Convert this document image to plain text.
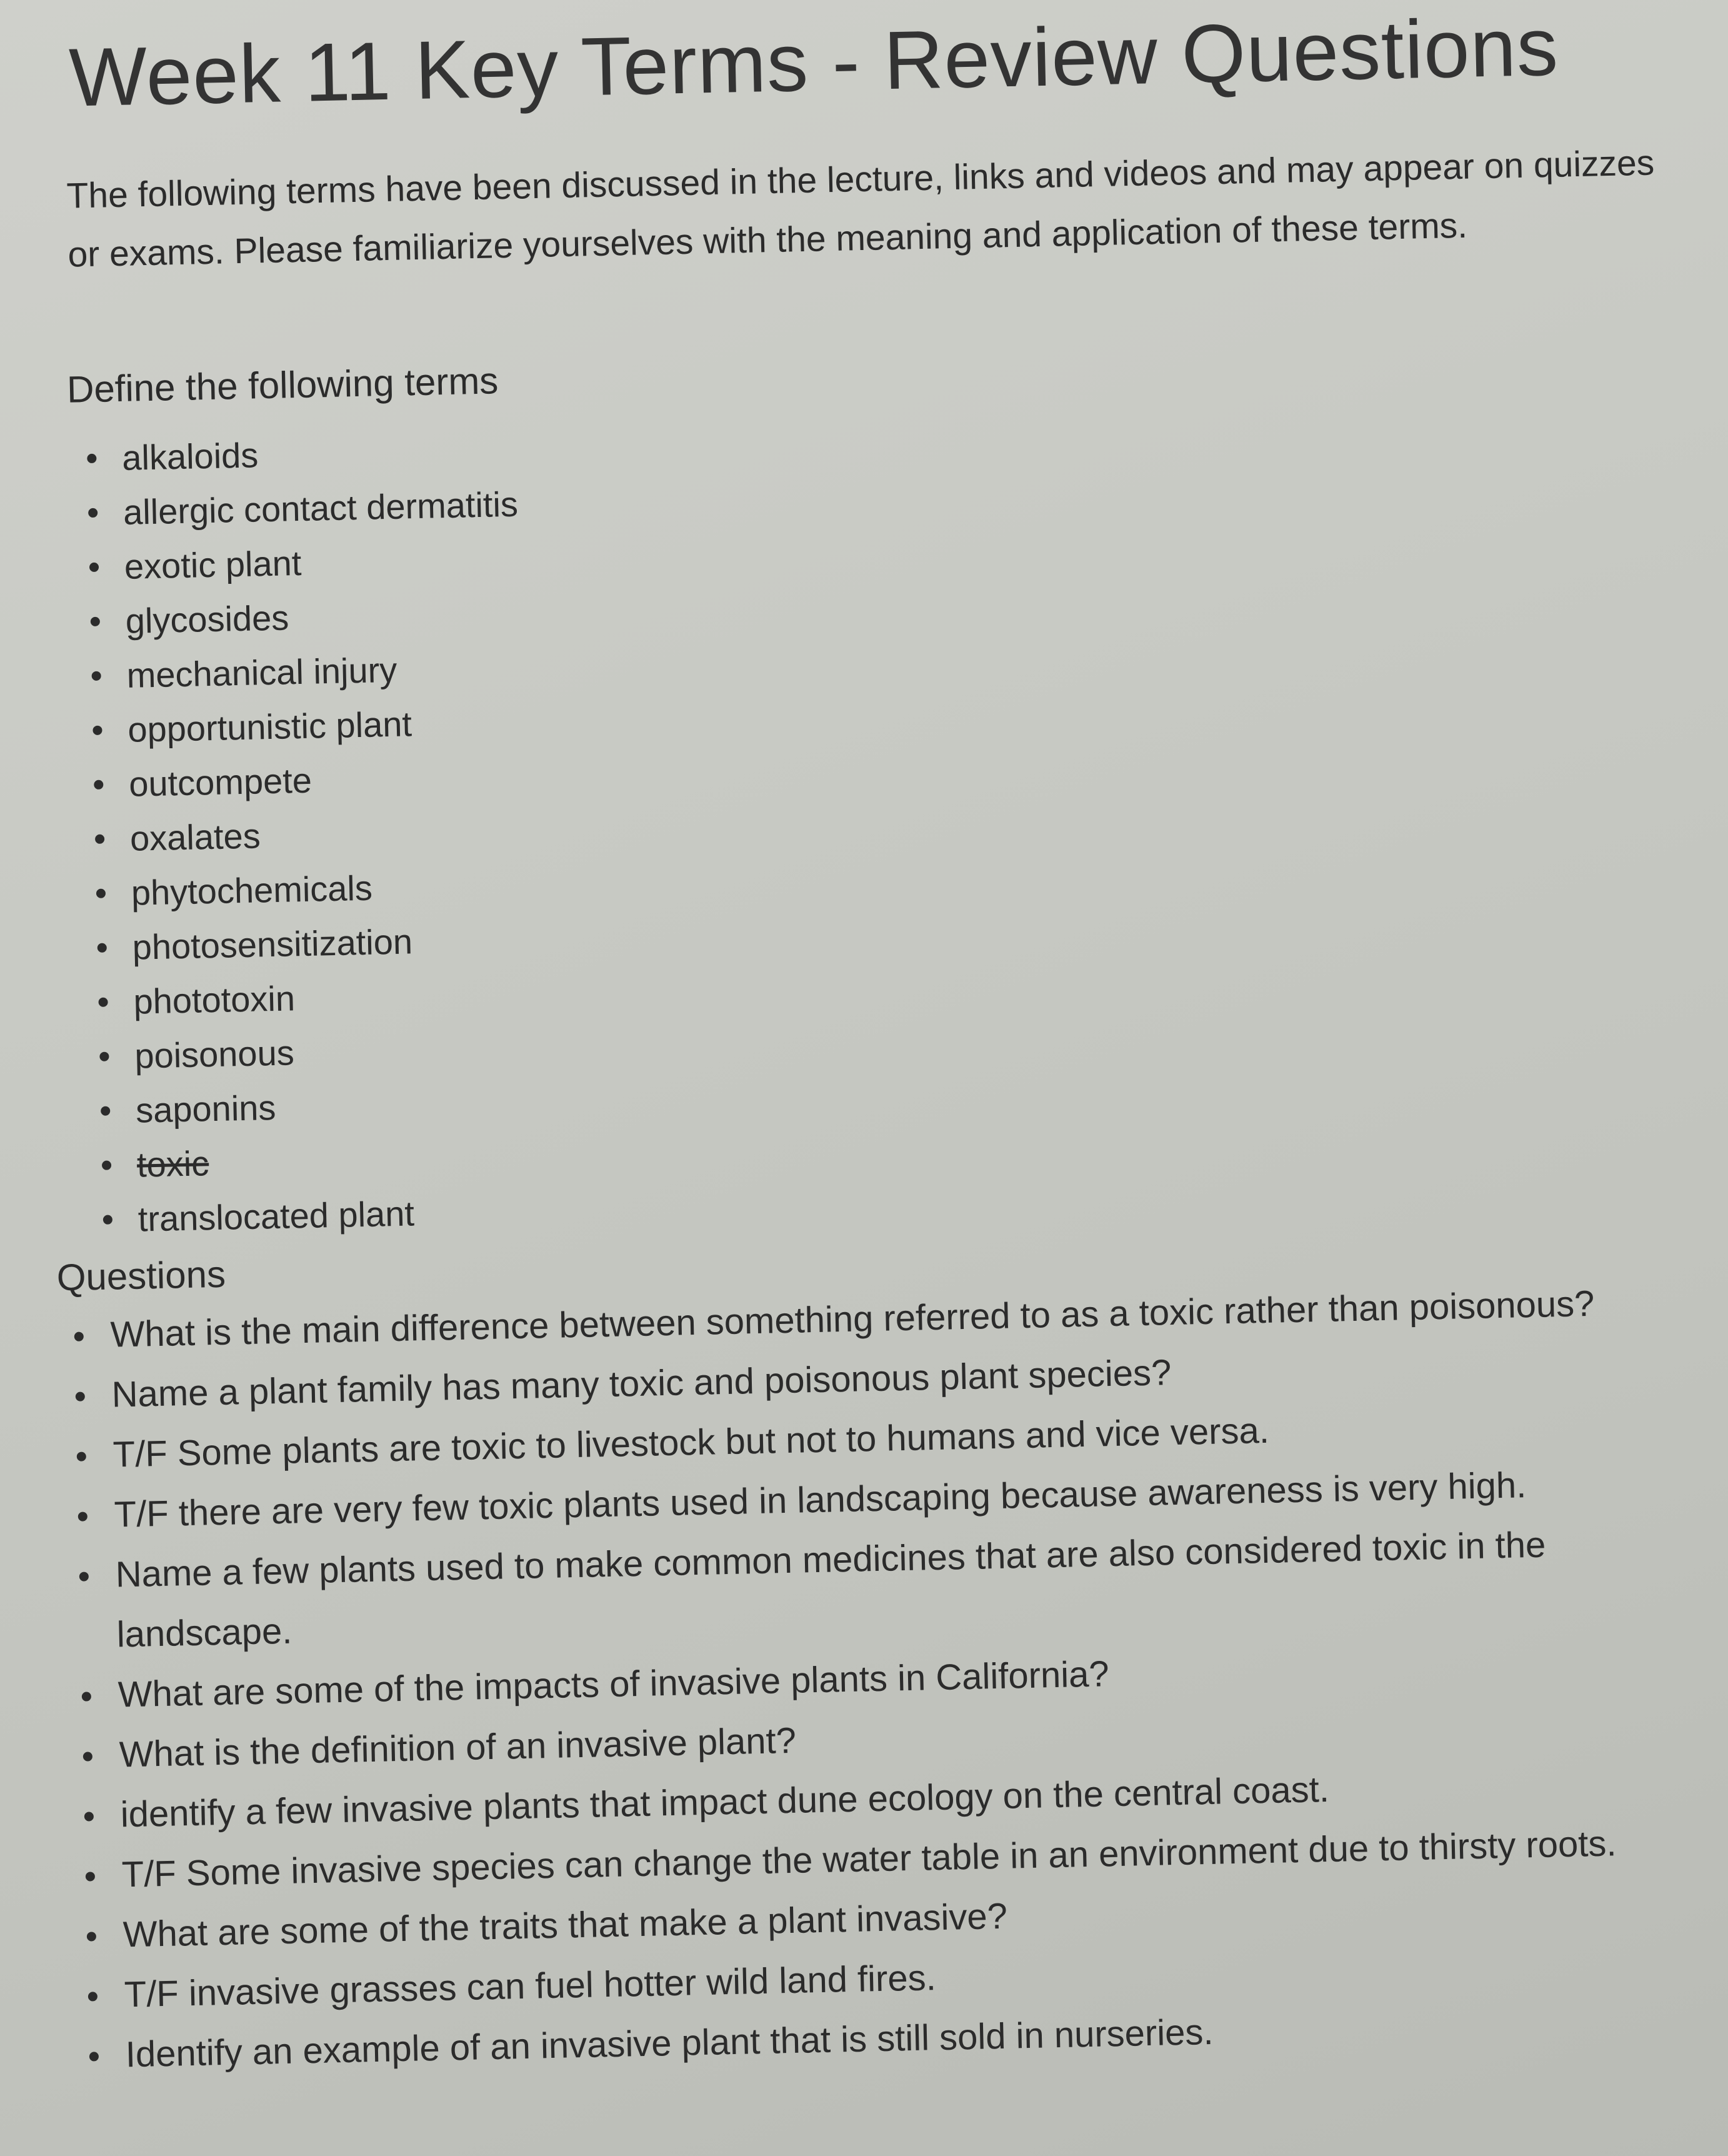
Week 11 Key Terms - Review Questions

The following terms have been discussed in the lecture, links and videos and may appear on quizzes or exams. Please familiarize yourselves with the meaning and application of these terms.

Define the following terms
alkaloids
allergic contact dermatitis
exotic plant
glycosides
mechanical injury
opportunistic plant
outcompete
oxalates
phytochemicals
photosensitization
phototoxin
poisonous
saponins
toxic
translocated plant
Questions
What is the main difference between something referred to as a toxic rather than poisonous?
Name a plant family has many toxic and poisonous plant species?
T/F Some plants are toxic to livestock but not to humans and vice versa.
T/F there are very few toxic plants used in landscaping because awareness is very high.
Name a few plants used to make common medicines that are also considered toxic in the landscape.
What are some of the impacts of invasive plants in California?
What is the definition of an invasive plant?
identify a few invasive plants that impact dune ecology on the central coast.
T/F Some invasive species can change the water table in an environment due to thirsty roots.
What are some of the traits that make a plant invasive?
T/F invasive grasses can fuel hotter wild land fires.
Identify an example of an invasive plant that is still sold in nurseries.
